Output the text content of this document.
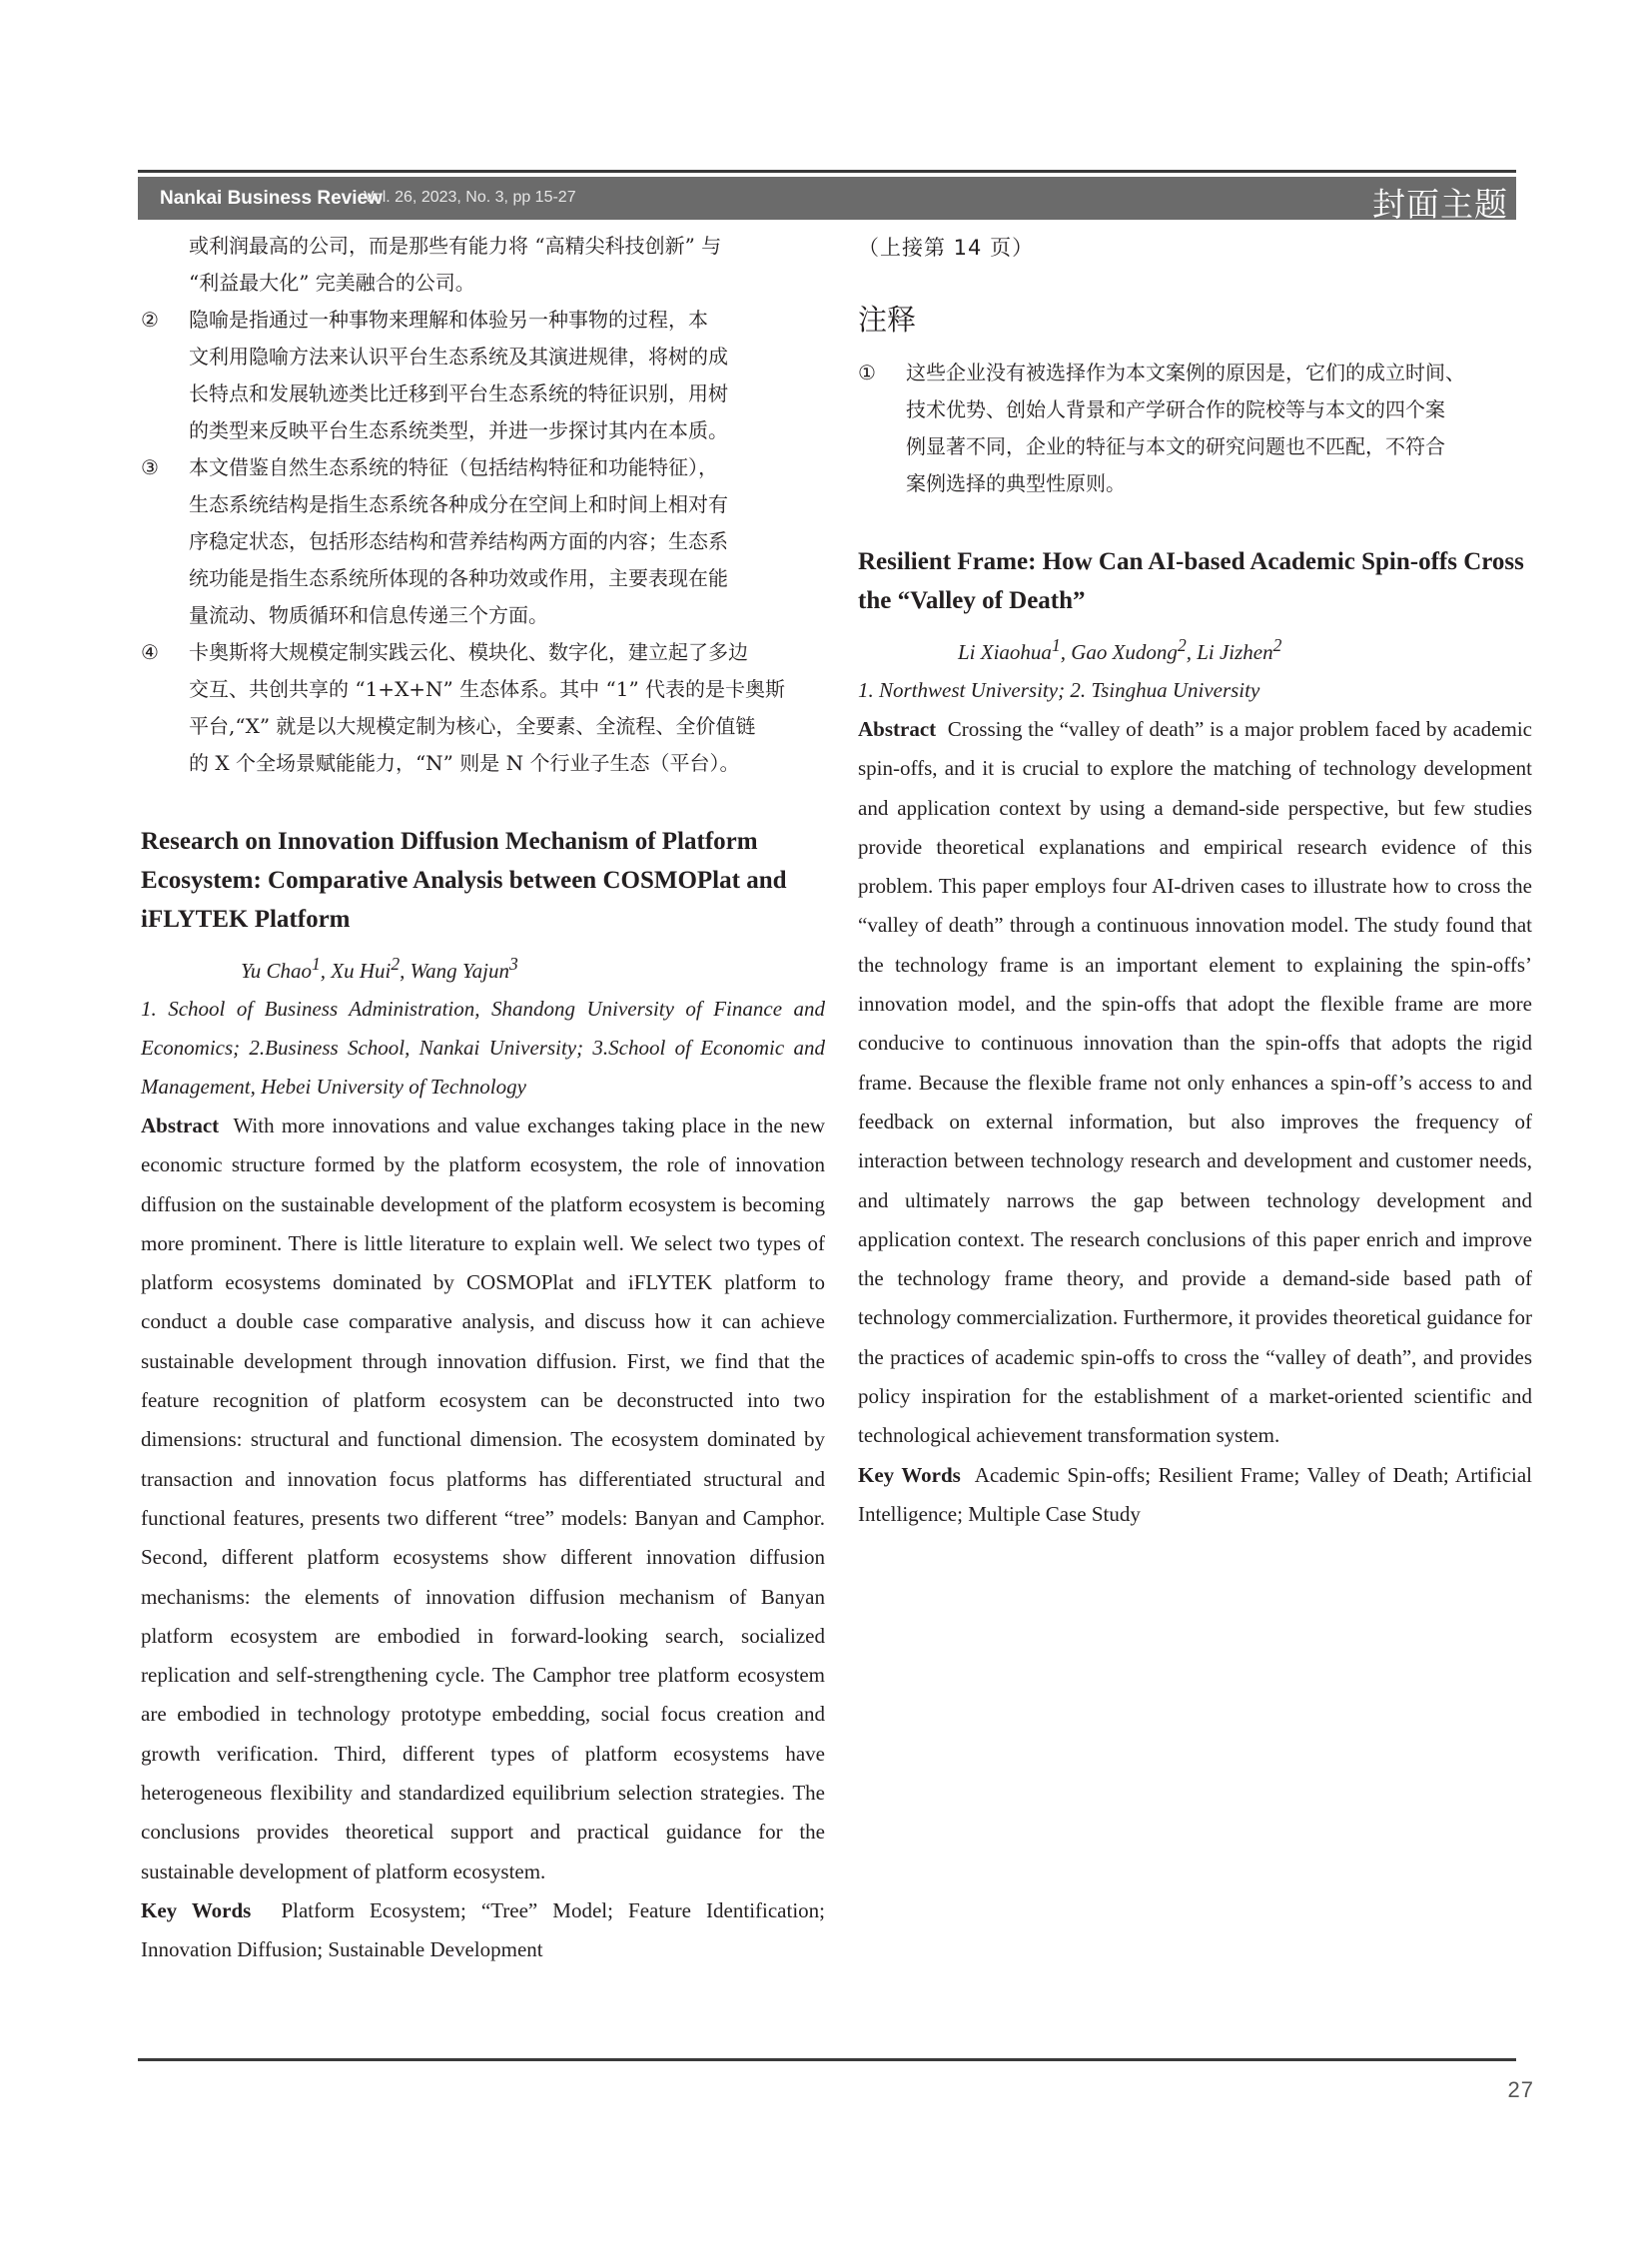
Nankai Business Review
Vol. 26, 2023, No. 3, pp 15-27	封面主题
或利润最高的公司，而是那些有能力将 “高精尖科技创新” 与
“利益最大化” 完美融合的公司。
② 隐喻是指通过一种事物来理解和体验另一种事物的过程，本
文利用隐喻方法来认识平台生态系统及其演进规律，将树的成
长特点和发展轨迹类比迁移到平台生态系统的特征识别，用树
的类型来反映平台生态系统类型，并进一步探讨其内在本质。
③ 本文借鉴自然生态系统的特征（包括结构特征和功能特征），
生态系统结构是指生态系统各种成分在空间上和时间上相对有
序稳定状态，包括形态结构和营养结构两方面的内容；生态系
统功能是指生态系统所体现的各种功效或作用，主要表现在能
量流动、物质循环和信息传递三个方面。
④ 卡奥斯将大规模定制实践云化、模块化、数字化，建立起了多边
交互、共创共享的 “1+X+N” 生态体系。其中 “1” 代表的是卡奥斯
平台,“X” 就是以大规模定制为核心，全要素、全流程、全价值链
的 X 个全场景赋能能力，“N” 则是 N 个行业子生态（平台）。

Research on Innovation Diffusion Mechanism of Platform Ecosystem: Comparative Analysis between COSMOPlat and iFLYTEK Platform

Yu Chao$^1$, Xu Hui$^2$, Wang Yajun$^3$

1. School of Business Administration, Shandong University of Finance and Economics; 2.Business School, Nankai University; 3.School of Economic and Management, Hebei University of Technology

Abstract With more innovations and value exchanges taking place in the new economic structure formed by the platform ecosystem, the role of innovation diffusion on the sustainable development of the platform ecosystem is becoming more prominent. There is little literature to explain well. We select two types of platform ecosystems dominated by COSMOPlat and iFLYTEK platform to conduct a double case comparative analysis, and discuss how it can achieve sustainable development through innovation diffusion. First, we find that the feature recognition of platform ecosystem can be deconstructed into two dimensions: structural and functional dimension. The ecosystem dominated by transaction and innovation focus platforms has differentiated structural and functional features, presents two different “tree” models: Banyan and Camphor. Second, different platform ecosystems show different innovation diffusion mechanisms: the elements of innovation diffusion mechanism of Banyan platform ecosystem are embodied in forward-looking search, socialized replication and self-strengthening cycle. The Camphor tree platform ecosystem are embodied in technology prototype embedding, social focus creation and growth verification. Third, different types of platform ecosystems have heterogeneous flexibility and standardized equilibrium selection strategies. The conclusions provides theoretical support and practical guidance for the sustainable development of platform ecosystem.

Key Words Platform Ecosystem; “Tree” Model; Feature Identification; Innovation Diffusion; Sustainable Development

（上接第 14 页）

注释

① 这些企业没有被选择作为本文案例的原因是，它们的成立时间、
技术优势、创始人背景和产学研合作的院校等与本文的四个案
例显著不同，企业的特征与本文的研究问题也不匹配，不符合
案例选择的典型性原则。

Resilient Frame: How Can AI-based Academic Spin-offs Cross the “Valley of Death”

Li Xiaohua$^1$, Gao Xudong$^2$, Li Jizhen$^2$

1. Northwest University; 2. Tsinghua University

Abstract Crossing the “valley of death” is a major problem faced by academic spin-offs, and it is crucial to explore the matching of technology development and application context by using a demand-side perspective, but few studies provide theoretical explanations and empirical research evidence of this problem. This paper employs four AI-driven cases to illustrate how to cross the “valley of death” through a continuous innovation model. The study found that the technology frame is an important element to explaining the spin-offs’ innovation model, and the spin-offs that adopt the flexible frame are more conducive to continuous innovation than the spin-offs that adopts the rigid frame. Because the flexible frame not only enhances a spin-off’s access to and feedback on external information, but also improves the frequency of interaction between technology research and development and customer needs, and ultimately narrows the gap between technology development and application context. The research conclusions of this paper enrich and improve the technology frame theory, and provide a demand-side based path of technology commercialization. Furthermore, it provides theoretical guidance for the practices of academic spin-offs to cross the “valley of death”, and provides policy inspiration for the establishment of a market-oriented scientific and technological achievement transformation system.

Key Words Academic Spin-offs; Resilient Frame; Valley of Death; Artificial Intelligence; Multiple Case Study

27
